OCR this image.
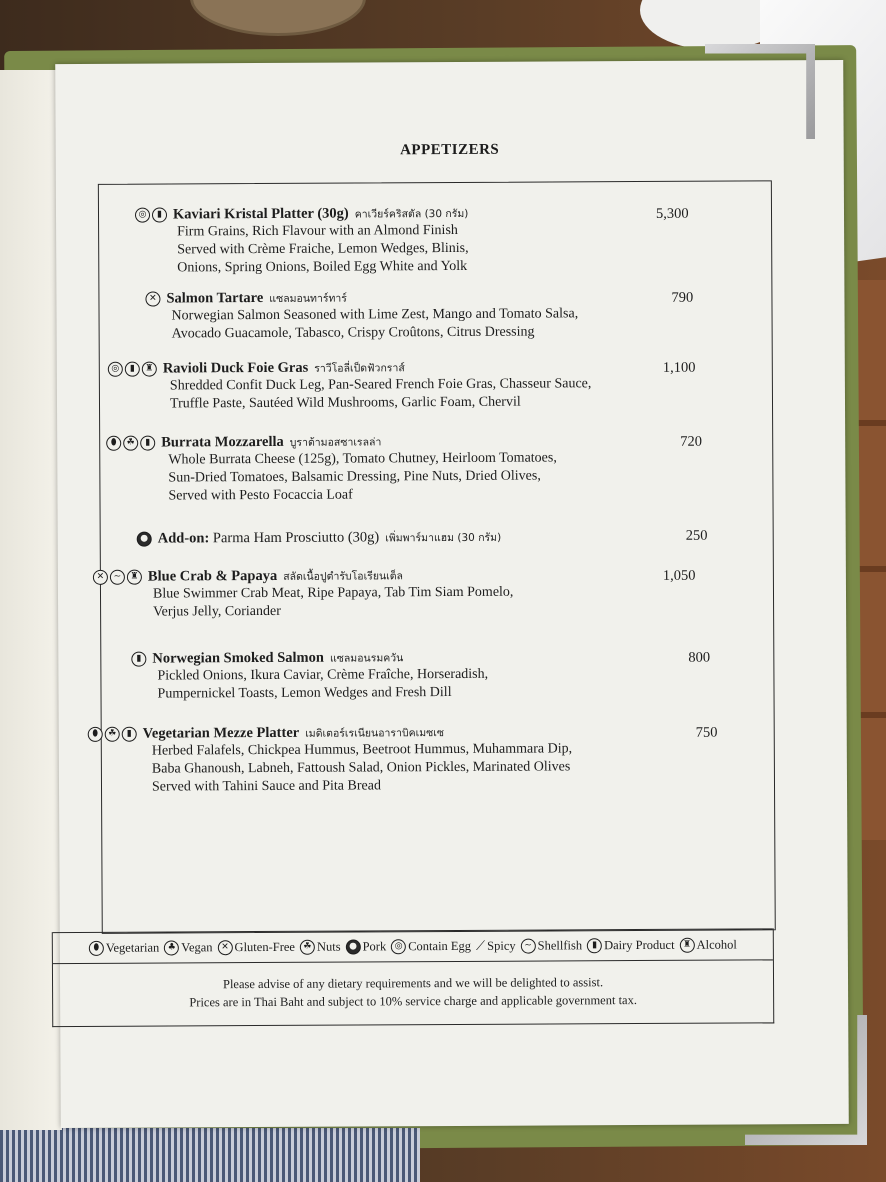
APPETIZERS
◎	▮ Kaviari Kristal Platter (30g) คาเวียร์คริสตัล (30 กรัม)
Firm Grains, Rich Flavour with an Almond Finish
Served with Crème Fraiche, Lemon Wedges, Blinis,
Onions, Spring Onions, Boiled Egg White and Yolk
5,300
✕ Salmon Tartare แซลมอนทาร์ทาร์
Norwegian Salmon Seasoned with Lime Zest, Mango and Tomato Salsa,
Avocado Guacamole, Tabasco, Crispy Croûtons, Citrus Dressing
790
◎	▮	♜ Ravioli Duck Foie Gras ราวีโอลี่เป็ดฟัวกราส์
Shredded Confit Duck Leg, Pan-Seared French Foie Gras, Chasseur Sauce,
Truffle Paste, Sautéed Wild Mushrooms, Garlic Foam, Chervil
1,100
⬮	☘	▮ Burrata Mozzarella บูราต้ามอสซาเรลล่า
Whole Burrata Cheese (125g), Tomato Chutney, Heirloom Tomatoes,
Sun-Dried Tomatoes, Balsamic Dressing, Pine Nuts, Dried Olives,
Served with Pesto Focaccia Loaf
720
● Add-on: Parma Ham Prosciutto (30g) เพิ่มพาร์มาแฮม (30 กรัม)	250
✕	~	♜ Blue Crab & Papaya สลัดเนื้อปูตำรับโอเรียนเต็ล
Blue Swimmer Crab Meat, Ripe Papaya, Tab Tim Siam Pomelo,
Verjus Jelly, Coriander
1,050
▮ Norwegian Smoked Salmon แซลมอนรมควัน
Pickled Onions, Ikura Caviar, Crème Fraîche, Horseradish,
Pumpernickel Toasts, Lemon Wedges and Fresh Dill
800
⬮	☘	▮ Vegetarian Mezze Platter เมดิเตอร์เรเนียนอาราบิคเมซเซ
Herbed Falafels, Chickpea Hummus, Beetroot Hummus, Muhammara Dip,
Baba Ghanoush, Labneh, Fattoush Salad, Onion Pickles, Marinated Olives
Served with Tahini Sauce and Pita Bread
750
⬮ Vegetarian ♣ Vegan ✕ Gluten-Free ☘ Nuts ● Pork ◎ Contain Egg ⟋ Spicy ~ Shellfish	▮ Dairy Product ♜ Alcohol
Please advise of any dietary requirements and we will be delighted to assist.
Prices are in Thai Baht and subject to 10% service charge and applicable government tax.
